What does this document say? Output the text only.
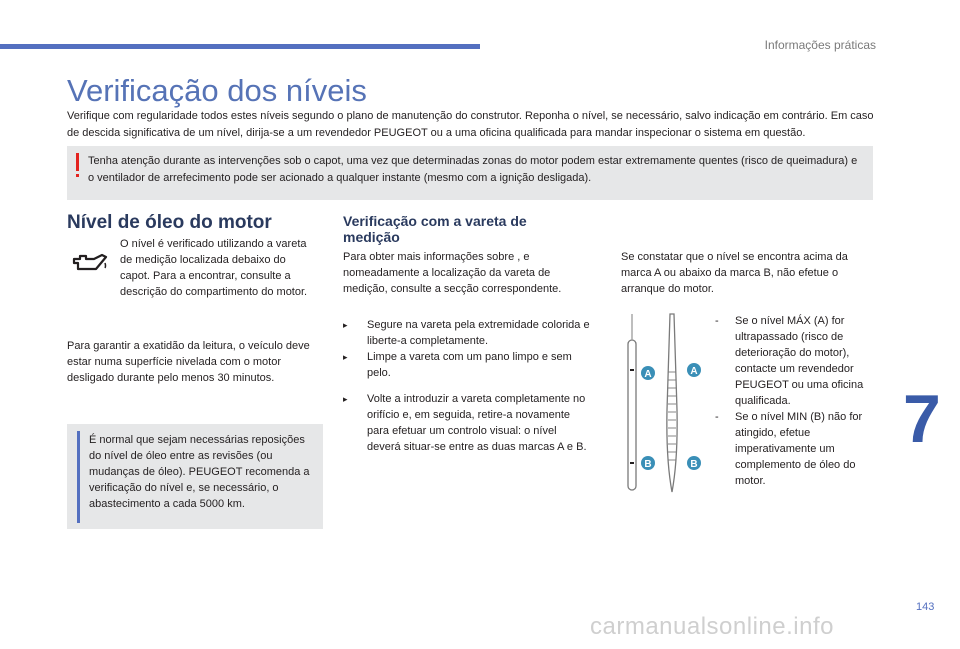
Informações práticas
7
143
Verificação dos níveis
Verifique com regularidade todos estes níveis segundo o plano de manutenção do construtor. Reponha o nível, se necessário, salvo indicação em contrário. Em caso de descida significativa de um nível, dirija-se a um revendedor PEUGEOT ou a uma oficina qualificada para mandar inspecionar o sistema em questão.
Tenha atenção durante as intervenções sob o capot, uma vez que determinadas zonas do motor podem estar extremamente quentes (risco de queimadura) e o ventilador de arrefecimento pode ser acionado a qualquer instante (mesmo com a ignição desligada).
Nível de óleo do motor
O nível é verificado utilizando a vareta de medição localizada debaixo do capot. Para a encontrar, consulte a descrição do compartimento do motor.
Para garantir a exatidão da leitura, o veículo deve estar numa superfície nivelada com o motor desligado durante pelo menos 30 minutos.
É normal que sejam necessárias reposições do nível de óleo entre as revisões (ou mudanças de óleo). PEUGEOT recomenda a verificação do nível e, se necessário, o abastecimento a cada 5000 km.
Verificação com a vareta de medição
Para obter mais informações sobre , e nomeadamente a localização da vareta de medição, consulte a secção correspondente.
▸ Segure na vareta pela extremidade colorida e liberte-a completamente.
▸ Limpe a vareta com um pano limpo e sem pelo.
▸ Volte a introduzir a vareta completamente no orifício e, em seguida, retire-a novamente para efetuar um controlo visual: o nível deverá situar-se entre as duas marcas A e B.
Se constatar que o nível se encontra acima da marca A ou abaixo da marca B, não efetue o arranque do motor.
A	A
B	B
- Se o nível MÁX (A) for ultrapassado (risco de deterioração do motor), contacte um revendedor PEUGEOT ou uma oficina qualificada.
- Se o nível MIN (B) não for atingido, efetue imperativamente um complemento de óleo do motor.
carmanualsonline.info
